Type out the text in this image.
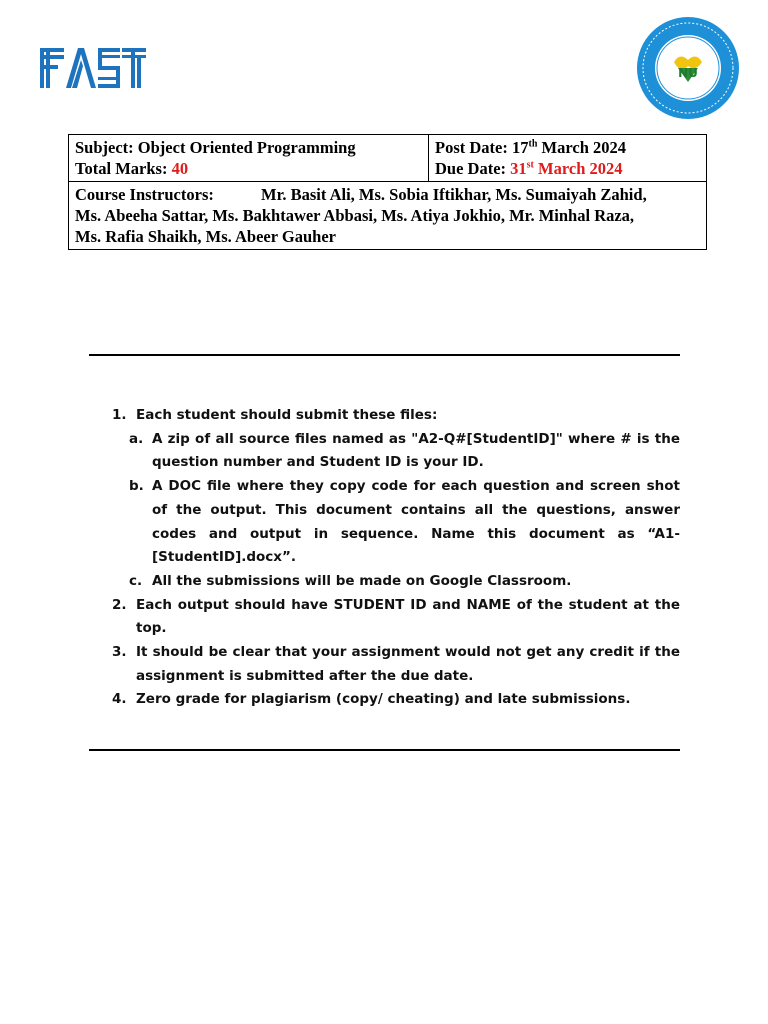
NU
Subject: Object Oriented Programming
Total Marks: 40

Post Date: 17th March 2024
Due Date: 31st March 2024

Course Instructors:	Mr. Basit Ali, Ms. Sobia Iftikhar, Ms. Sumaiyah Zahid,
Ms. Abeeha Sattar, Ms. Bakhtawer Abbasi, Ms. Atiya Jokhio, Mr. Minhal Raza,
Ms. Rafia Shaikh, Ms. Abeer Gauher
1. Each student should submit these files:
a. A zip of all source files named as "A2-Q#[StudentID]" where # is the question number and Student ID is your ID.
b. A DOC file where they copy code for each question and screen shot of the output. This document contains all the questions, answer codes and output in sequence. Name this document as “A1-[StudentID].docx”.
c. All the submissions will be made on Google Classroom.
2. Each output should have STUDENT ID and NAME of the student at the top.
3. It should be clear that your assignment would not get any credit if the assignment is submitted after the due date.
4. Zero grade for plagiarism (copy/ cheating) and late submissions.
